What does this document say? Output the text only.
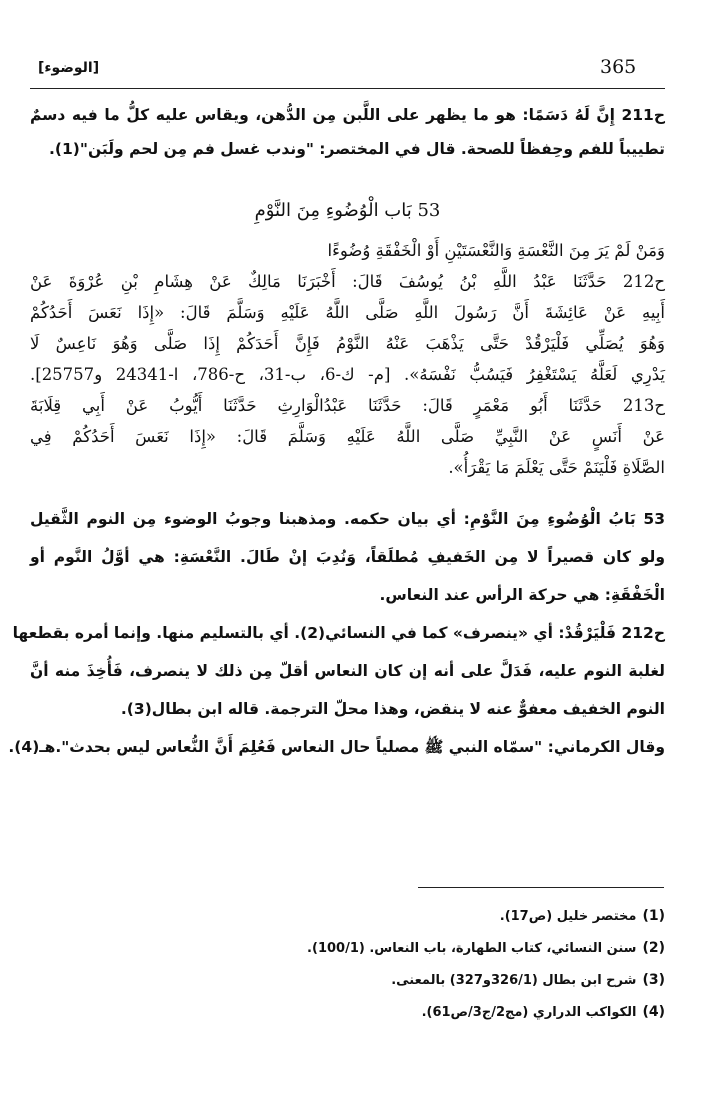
365
[الوضوء]
ح211 إِنَّ لَهُ دَسَمًا: هو ما يظهر على اللَّبن مِن الدُّهن، ويقاس عليه كلُّ ما فيه دسمٌ
تطييباً للفم وحِفظاً للصحة. قال في المختصر: "وندب غسل فم مِن لحم ولَبَن"(1).
53 بَاب الْوُضُوءِ مِنَ النَّوْمِ
وَمَنْ لَمْ يَرَ مِنَ النَّعْسَةِ وَالنَّعْسَتَيْنِ أَوْ الْخَفْقَةِ وُضُوءًا
ح212 حَدَّثَنَا عَبْدُ اللَّهِ بْنُ يُوسُفَ قَالَ: أَخْبَرَنَا مَالِكٌ عَنْ هِشَامِ بْنِ عُرْوَةَ عَنْ
أَبِيهِ عَنْ عَائِشَةَ أَنَّ رَسُولَ اللَّهِ صَلَّى اللَّهُ عَلَيْهِ وَسَلَّمَ قَالَ: «إِذَا نَعَسَ أَحَدُكُمْ
وَهُوَ يُصَلِّي فَلْيَرْقُدْ حَتَّى يَذْهَبَ عَنْهُ النَّوْمُ فَإِنَّ أَحَدَكُمْ إِذَا صَلَّى وَهُوَ نَاعِسٌ لَا
يَدْرِي لَعَلَّهُ يَسْتَغْفِرُ فَيَسُبُّ نَفْسَهُ». [م- ك-6، ب-31، ح-786، ا-24341 و25757].
ح213 حَدَّثَنَا أَبُو مَعْمَرٍ قَالَ: حَدَّثَنَا عَبْدُالْوَارِثِ حَدَّثَنَا أَيُّوبُ عَنْ أَبِي قِلَابَةَ
عَنْ أَنَسٍ عَنْ النَّبِيِّ صَلَّى اللَّهُ عَلَيْهِ وَسَلَّمَ قَالَ: «إِذَا نَعَسَ أَحَدُكُمْ فِي
الصَّلَاةِ فَلْيَنَمْ حَتَّى يَعْلَمَ مَا يَقْرَأُ».
53 بَابُ الْوُضُوءِ مِنَ النَّوْمِ: أي بيان حكمه. ومذهبنا وجوبُ الوضوء مِن النوم الثَّقيل
ولو كان قصيراً لا مِن الخَفيفِ مُطلَقاً، وَنُدِبَ إنْ طَالَ. النَّعْسَةِ: هي أوَّلُ النَّوم أو
الْخَفْقَةِ: هي حركة الرأس عند النعاس.
ح212 فَلْيَرْقُدْ: أي «ينصرف» كما في النسائي(2). أي بالتسليم منها. وإنما أمره بقطعها
لغلبة النوم عليه، فَدَلَّ على أنه إن كان النعاس أقلّ مِن ذلك لا ينصرف، فَأُخِذَ منه أنَّ
النوم الخفيف معفوٌّ عنه لا ينقض، وهذا محلّ الترجمة. قاله ابن بطال(3).
وقال الكرماني: "سمّاه النبي ﷺ مصلياً حال النعاس فَعُلِمَ أَنَّ النُّعاس ليس بحدث".هـ(4).
(1)مختصر خليل (ص17).
(2)سنن النسائي، كتاب الطهارة، باب النعاس. (100/1).
(3)شرح ابن بطال (326/1و327) بالمعنى.
(4)الكواكب الدراري (مج2/ج3/ص61).
